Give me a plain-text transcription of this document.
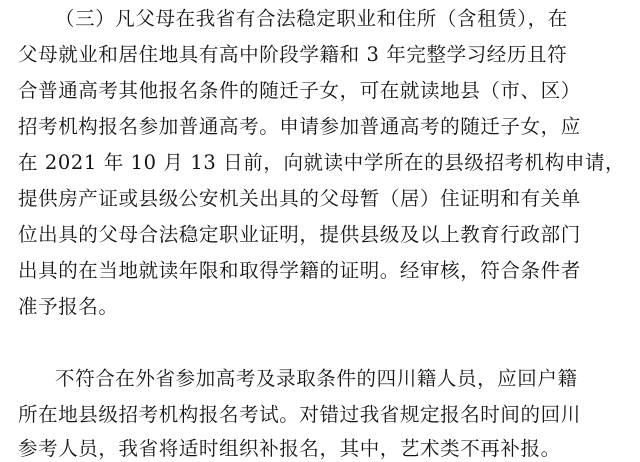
（三）凡父母在我省有合法稳定职业和住所（含租赁），在
父母就业和居住地具有高中阶段学籍和 3 年完整学习经历且符
合普通高考其他报名条件的随迁子女，可在就读地县（市、区）
招考机构报名参加普通高考。申请参加普通高考的随迁子女，应
在 2021 年 10 月 13 日前，向就读中学所在的县级招考机构申请，
提供房产证或县级公安机关出具的父母暂（居）住证明和有关单
位出具的父母合法稳定职业证明，提供县级及以上教育行政部门
出具的在当地就读年限和取得学籍的证明。经审核，符合条件者
准予报名。
不符合在外省参加高考及录取条件的四川籍人员，应回户籍
所在地县级招考机构报名考试。对错过我省规定报名时间的回川
参考人员，我省将适时组织补报名，其中，艺术类不再补报。
